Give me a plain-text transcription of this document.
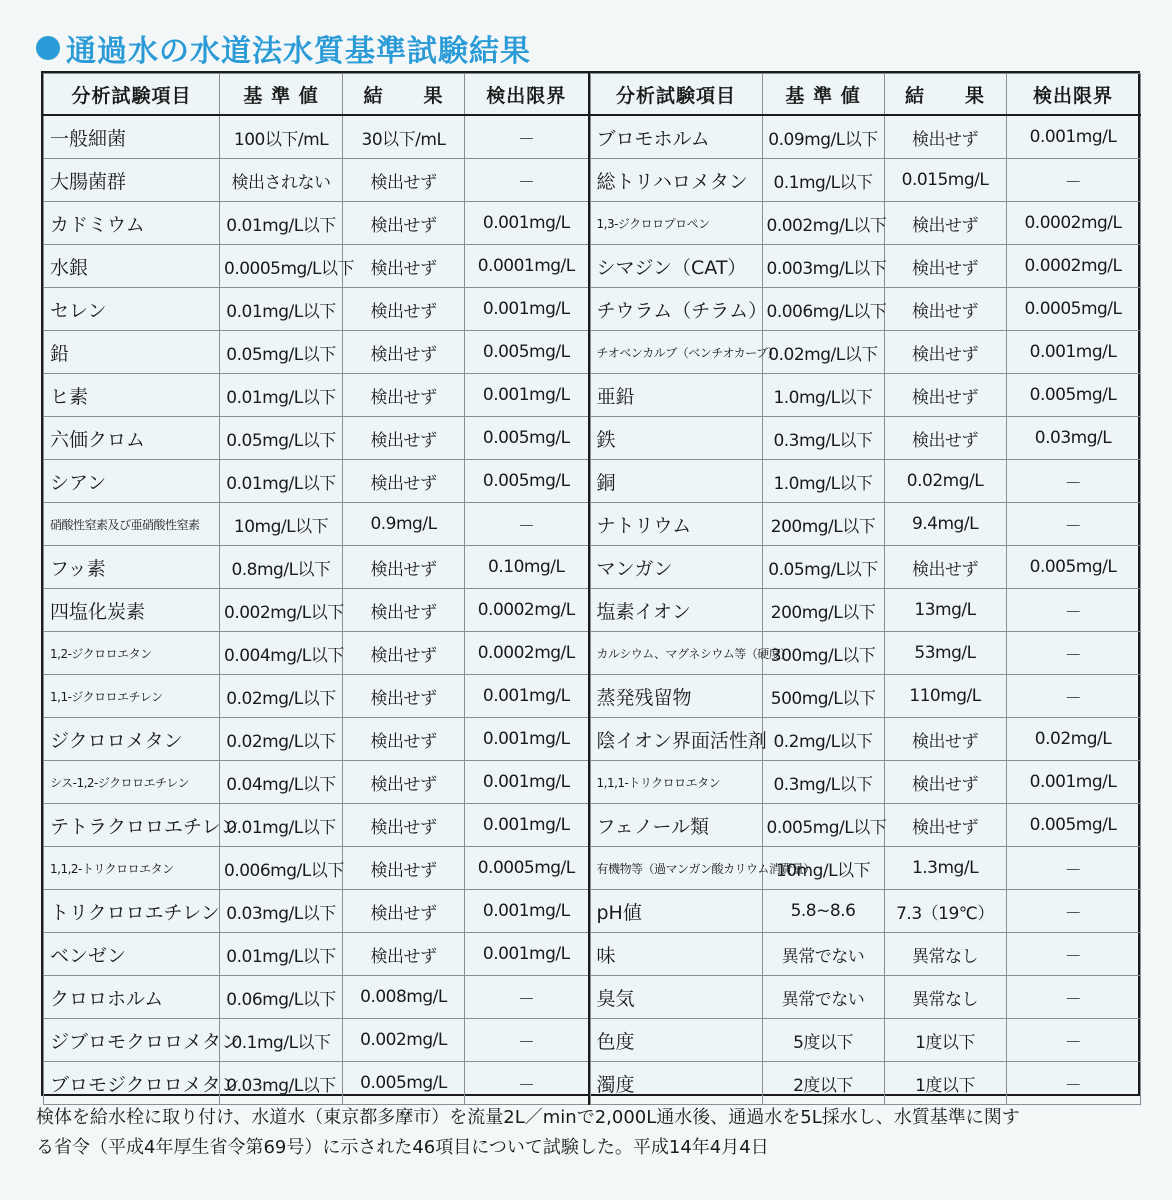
通過水の水道法水質基準試験結果
分析試験項目	基 準 値	結　　果	検出限界
一般細菌	100以下/mL	30以下/mL	－
大腸菌群	検出されない	検出せず	－
カドミウム	0.01mg/L以下	検出せず	0.001mg/L
水銀	0.0005mg/L以下	検出せず	0.0001mg/L
セレン	0.01mg/L以下	検出せず	0.001mg/L
鉛	0.05mg/L以下	検出せず	0.005mg/L
ヒ素	0.01mg/L以下	検出せず	0.001mg/L
六価クロム	0.05mg/L以下	検出せず	0.005mg/L
シアン	0.01mg/L以下	検出せず	0.005mg/L
硝酸性窒素及び亜硝酸性窒素	10mg/L以下	0.9mg/L	－
フッ素	0.8mg/L以下	検出せず	0.10mg/L
四塩化炭素	0.002mg/L以下	検出せず	0.0002mg/L
1,2-ジクロロエタン	0.004mg/L以下	検出せず	0.0002mg/L
1,1-ジクロロエチレン	0.02mg/L以下	検出せず	0.001mg/L
ジクロロメタン	0.02mg/L以下	検出せず	0.001mg/L
シス-1,2-ジクロロエチレン	0.04mg/L以下	検出せず	0.001mg/L
テトラクロロエチレン	0.01mg/L以下	検出せず	0.001mg/L
1,1,2-トリクロロエタン	0.006mg/L以下	検出せず	0.0005mg/L
トリクロロエチレン	0.03mg/L以下	検出せず	0.001mg/L
ベンゼン	0.01mg/L以下	検出せず	0.001mg/L
クロロホルム	0.06mg/L以下	0.008mg/L	－
ジブロモクロロメタン	0.1mg/L以下	0.002mg/L	－
ブロモジクロロメタン	0.03mg/L以下	0.005mg/L	－
分析試験項目	基 準 値	結　　果	検出限界
ブロモホルム	0.09mg/L以下	検出せず	0.001mg/L
総トリハロメタン	0.1mg/L以下	0.015mg/L	－
1,3-ジクロロプロペン	0.002mg/L以下	検出せず	0.0002mg/L
シマジン（CAT）	0.003mg/L以下	検出せず	0.0002mg/L
チウラム（チラム）	0.006mg/L以下	検出せず	0.0005mg/L
チオベンカルブ（ベンチオカーブ）	0.02mg/L以下	検出せず	0.001mg/L
亜鉛	1.0mg/L以下	検出せず	0.005mg/L
鉄	0.3mg/L以下	検出せず	0.03mg/L
銅	1.0mg/L以下	0.02mg/L	－
ナトリウム	200mg/L以下	9.4mg/L	－
マンガン	0.05mg/L以下	検出せず	0.005mg/L
塩素イオン	200mg/L以下	13mg/L	－
カルシウム、マグネシウム等（硬度）	300mg/L以下	53mg/L	－
蒸発残留物	500mg/L以下	110mg/L	－
陰イオン界面活性剤	0.2mg/L以下	検出せず	0.02mg/L
1,1,1-トリクロロエタン	0.3mg/L以下	検出せず	0.001mg/L
フェノール類	0.005mg/L以下	検出せず	0.005mg/L
有機物等（過マンガン酸カリウム消費量）	10mg/L以下	1.3mg/L	－
pH値	5.8~8.6	7.3（19℃）	－
味	異常でない	異常なし	－
臭気	異常でない	異常なし	－
色度	5度以下	1度以下	－
濁度	2度以下	1度以下	－
検体を給水栓に取り付け、水道水（東京都多摩市）を流量2L／minで2,000L通水後、通過水を5L採水し、水質基準に関す
る省令（平成4年厚生省令第69号）に示された46項目について試験した。平成14年4月4日
